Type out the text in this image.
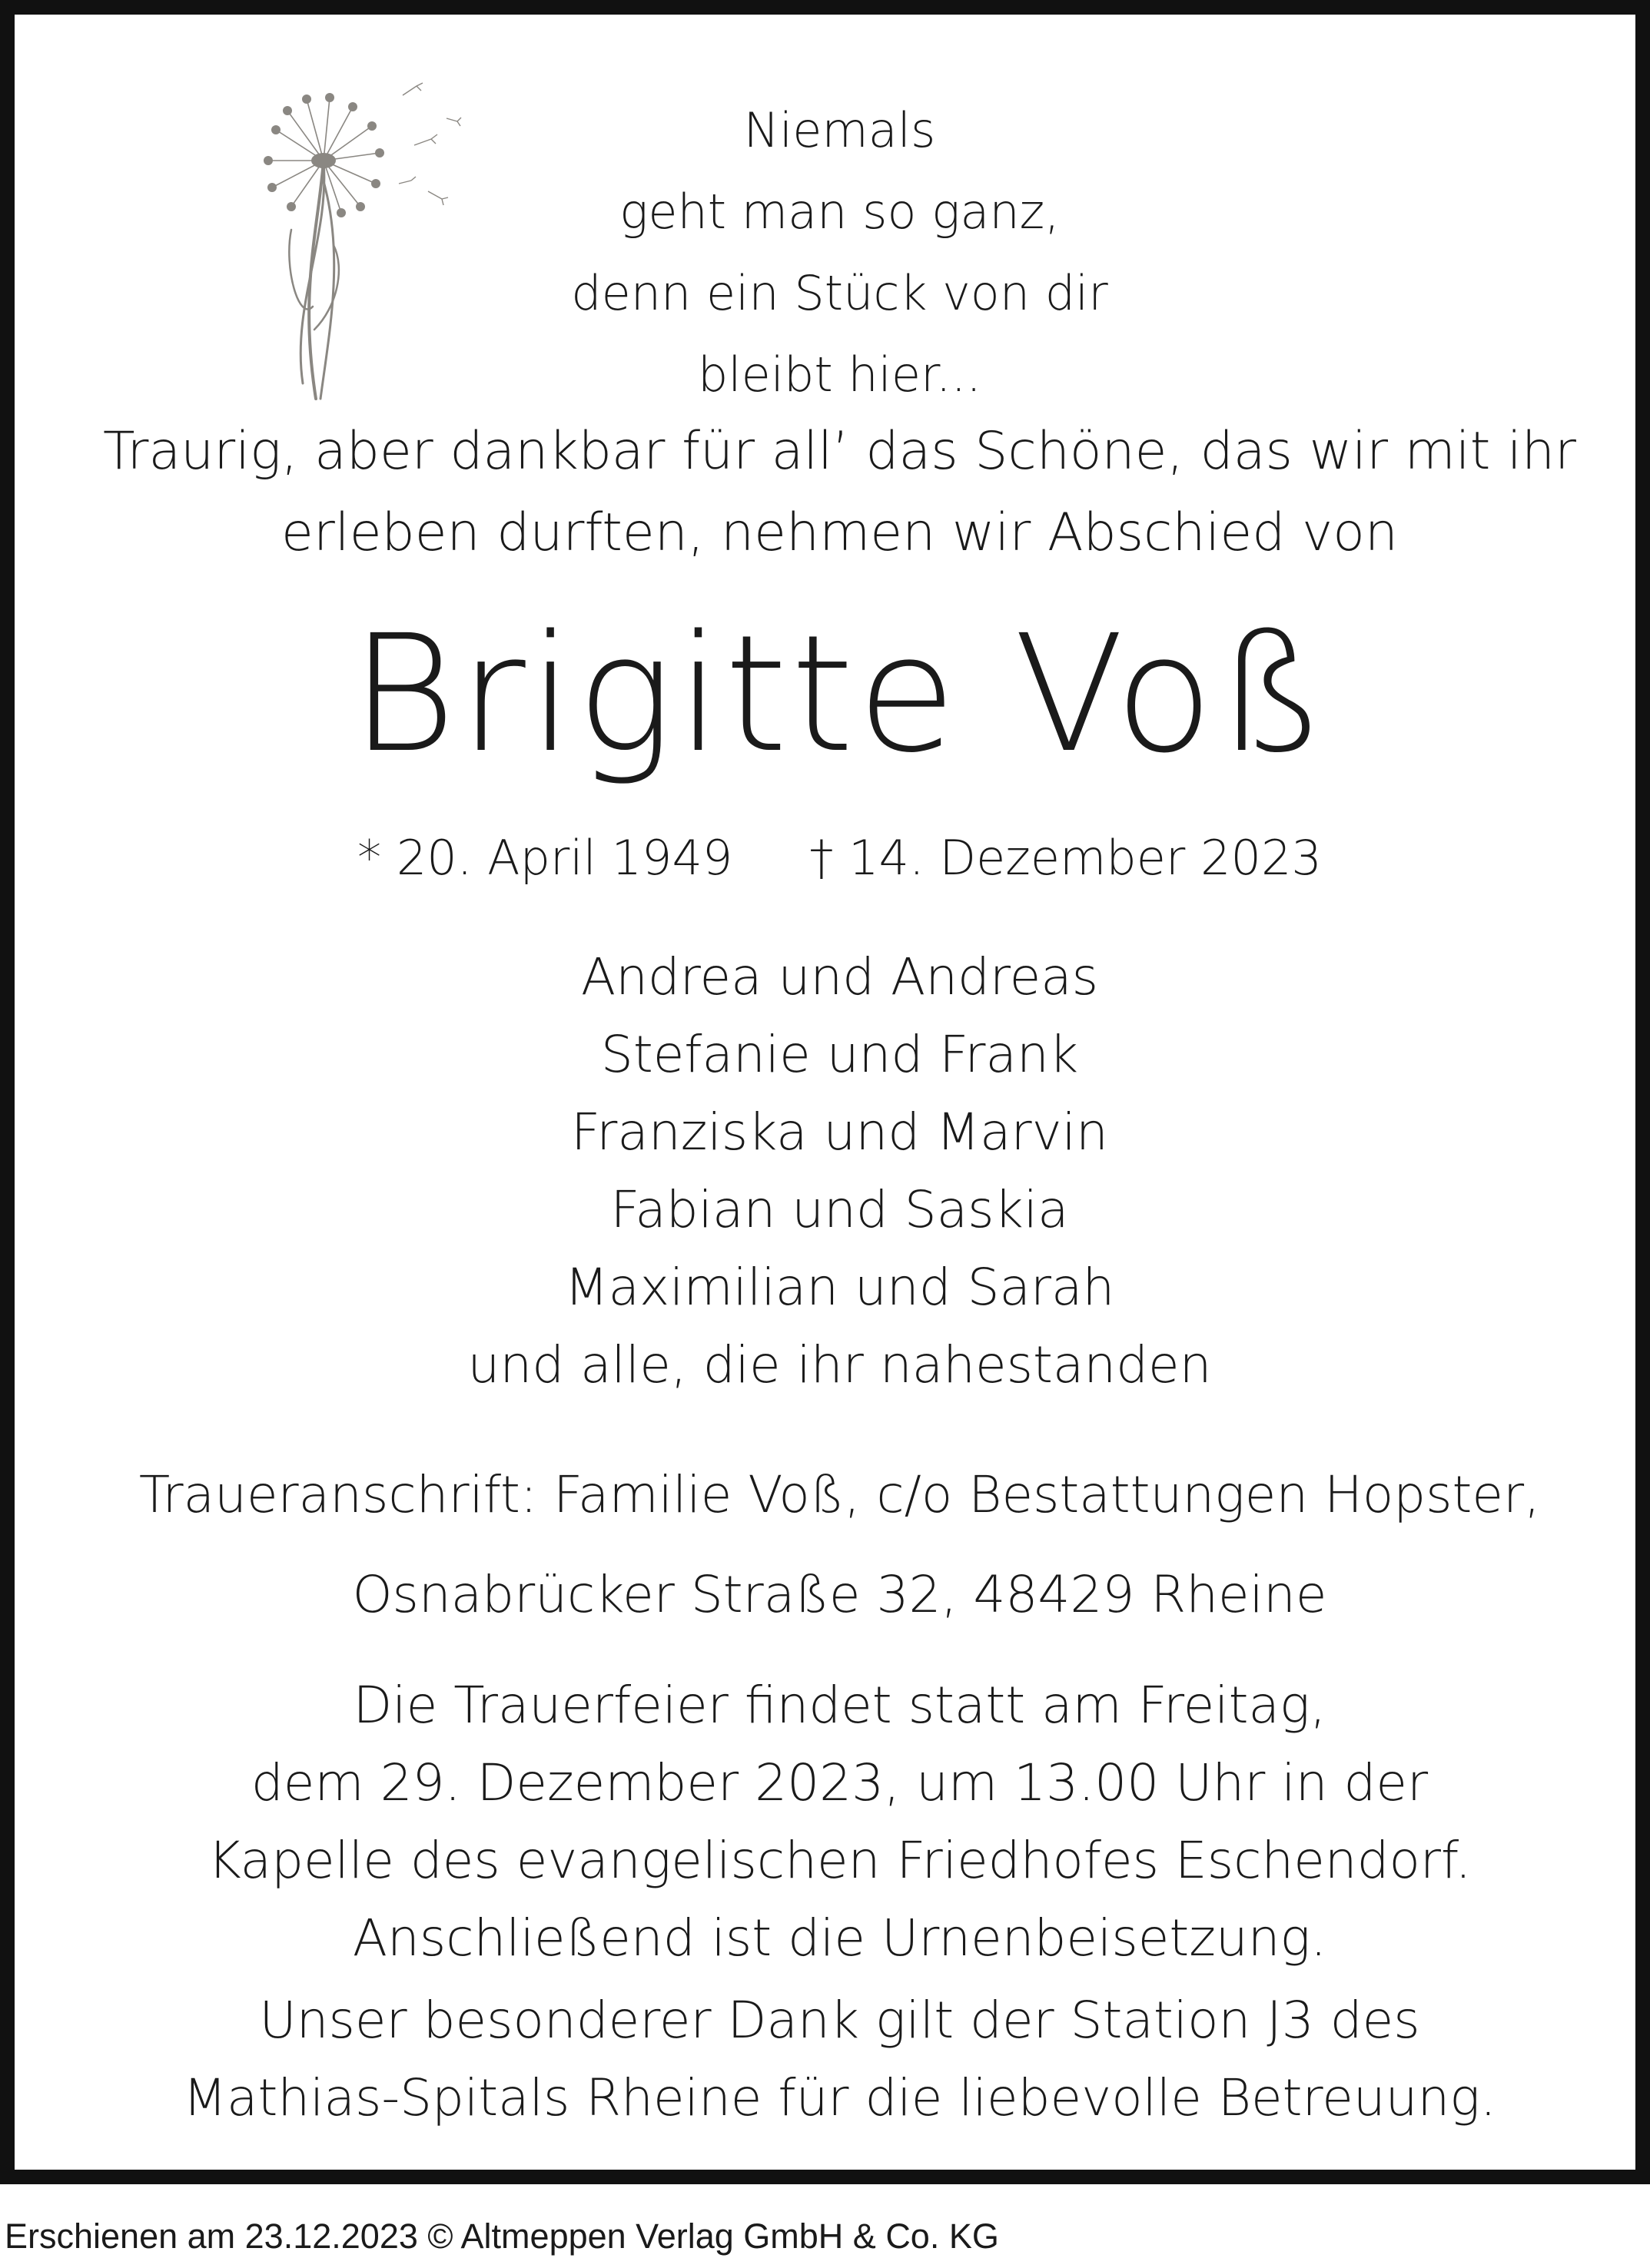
Niemals
geht man so ganz,
denn ein Stück von dir
bleibt hier...

Traurig, aber dankbar für all’ das Schöne, das wir mit ihr
erleben durften, nehmen wir Abschied von

Brigitte Voß

* 20. April 1949 † 14. Dezember 2023

Andrea und Andreas
Stefanie und Frank
Franziska und Marvin
Fabian und Saskia
Maximilian und Sarah
und alle, die ihr nahestanden

Traueranschrift: Familie Voß, c/o Bestattungen Hopster,
Osnabrücker Straße 32, 48429 Rheine

Die Trauerfeier findet statt am Freitag,
dem 29. Dezember 2023, um 13.00 Uhr in der
Kapelle des evangelischen Friedhofes Eschendorf.
Anschließend ist die Urnenbeisetzung.

Unser besonderer Dank gilt der Station J3 des
Mathias-Spitals Rheine für die liebevolle Betreuung.

Erschienen am 23.12.2023 © Altmeppen Verlag GmbH & Co. KG
